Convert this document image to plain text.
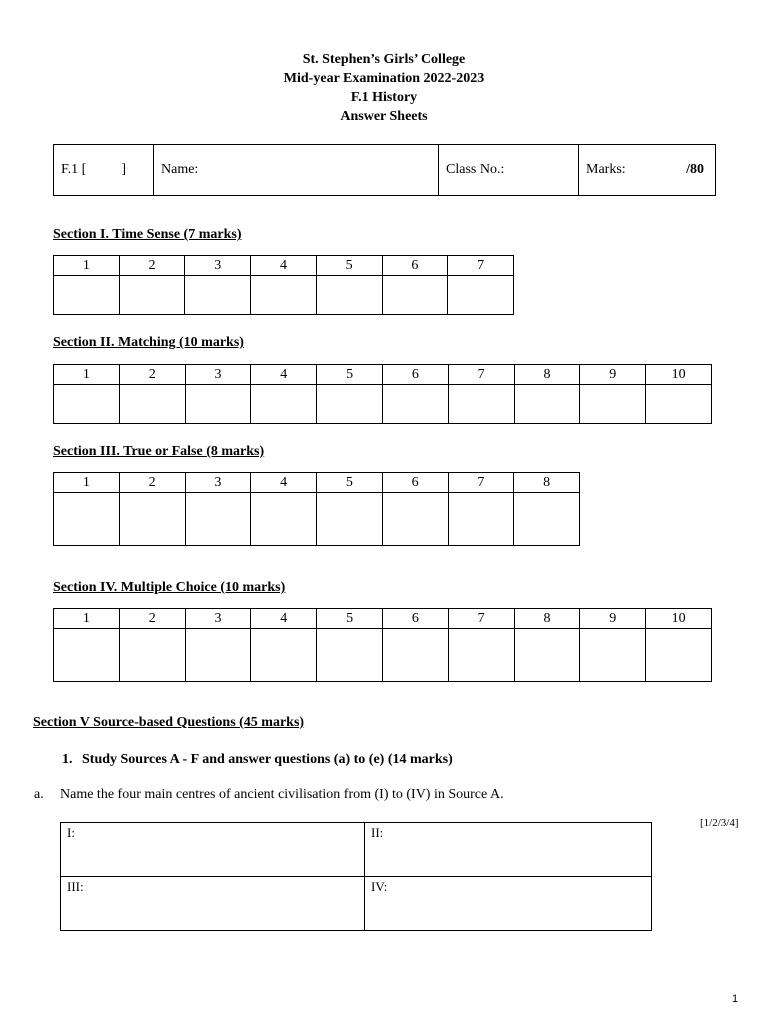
St. Stephen’s Girls’ College
Mid-year Examination 2022-2023
F.1 History
Answer Sheets
F.1 [          ]	Name:	Class No.:	Marks:	/80
Section I. Time Sense (7 marks)
1	2	3	4	5	6	7

Section II. Matching (10 marks)
1	2	3	4	5	6	7	8	9	10

Section III. True or False (8 marks)
1	2	3	4	5	6	7	8

Section IV. Multiple Choice (10 marks)
1	2	3	4	5	6	7	8	9	10

Section V Source-based Questions (45 marks)
1. Study Sources A - F and answer questions (a) to (e) (14 marks)
a. Name the four main centres of ancient civilisation from (I) to (IV) in Source A.
[1/2/3/4]
I:	II:
III:	IV:
1
